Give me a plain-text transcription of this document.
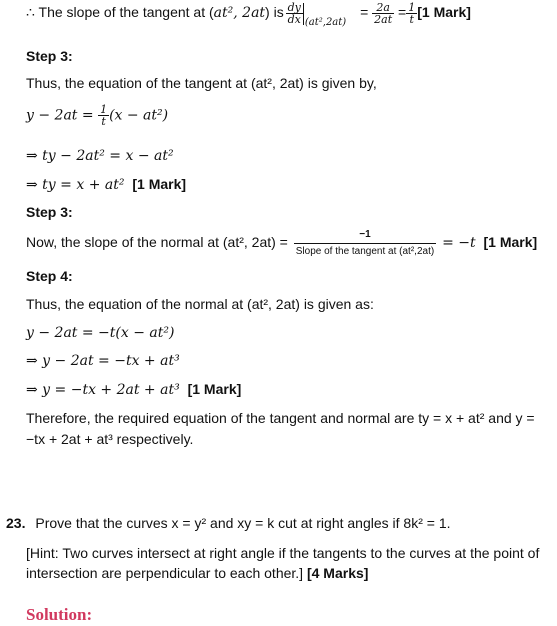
∴ The slope of the tangent at (at², 2at) is
$\frac{dy}{dx} _{(at^2,2at)} = \frac{2a}{2at} = \frac{1}{t} [1$ Mark]
Step 3:
Thus, the equation of the tangent at (at², 2at) is given by,
$y - 2at = \frac{1}{t} (x - at^2)$
⇒ ty − 2at² = x − at²
⇒ ty = x + at² [1 Mark]
Step 3:
Now, the slope of the normal at (at², $2at) = \frac{-1}{\text{Slope of the tangent at (at²,2at)}} = -t$ [1 Mark]
Step 4:
Thus, the equation of the normal at (at², 2at) is given as:
y − 2at = −t(x − at²)
⇒ y − 2at = −tx + at³
⇒ y = −tx + 2at + at³ [1 Mark]
Therefore, the required equation of the tangent and normal are ty = x + at² and y =
−tx + 2at + at³ respectively.
23. Prove that the curves x = y² and xy = k cut at right angles if 8k² = 1.
[Hint: Two curves intersect at right angle if the tangents to the curves at the point of
intersection are perpendicular to each other.] [4 Marks]
Solution:
